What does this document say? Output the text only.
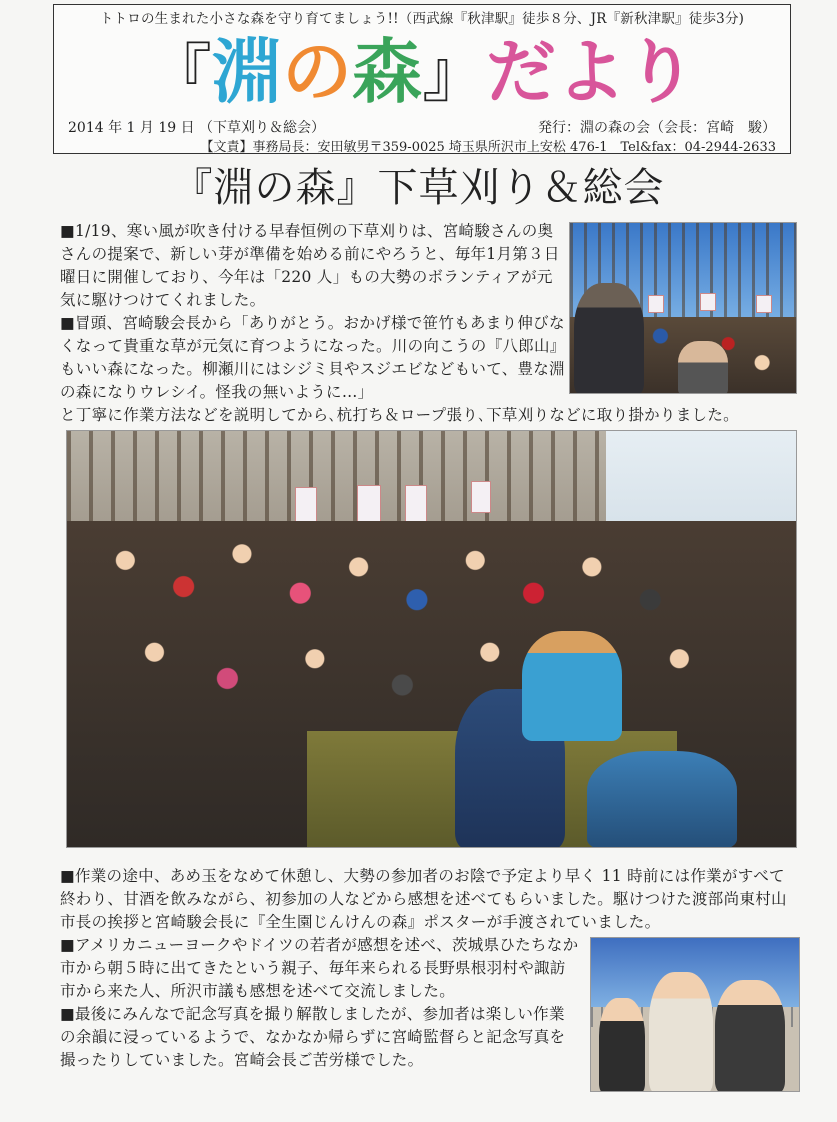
トトロの生まれた小さな森を守り育てましょう!!（西武線『秋津駅』徒歩８分、JR『新秋津駅』徒歩3分)
『淵の森』だより
2014 年 1 月 19 日 （下草刈り＆総会）	発行：淵の森の会（会長：宮崎　駿）
【文責】事務局長：安田敏男〒359-0025 埼玉県所沢市上安松 476-1　Tel&fax：04-2944-2633
『淵の森』下草刈り＆総会
■1/19、寒い風が吹き付ける早春恒例の下草刈りは、宮崎駿さんの奥さんの提案で、新しい芽が準備を始める前にやろうと、毎年1月第３日曜日に開催しており、今年は「220 人」もの大勢のボランティアが元気に駆けつけてくれました。
■冒頭、宮崎駿会長から「ありがとう。おかげ様で笹竹もあまり伸びなくなって貴重な草が元気に育つようになった。川の向こうの『八郎山』もいい森になった。柳瀬川にはシジミ貝やスジエビなどもいて、豊な淵の森になりウレシイ。怪我の無いように…」
と丁寧に作業方法などを説明してから､杭打ち＆ロープ張り､下草刈りなどに取り掛かりました。
■作業の途中、あめ玉をなめて休憩し、大勢の参加者のお陰で予定より早く 11 時前には作業がすべて終わり、甘酒を飲みながら、初参加の人などから感想を述べてもらいました。駆けつけた渡部尚東村山市長の挨拶と宮崎駿会長に『全生園じんけんの森』ポスターが手渡されていました。
■アメリカニューヨークやドイツの若者が感想を述べ、茨城県ひたちなか市から朝５時に出てきたという親子、毎年来られる長野県根羽村や諏訪市から来た人、所沢市議も感想を述べて交流しました。
■最後にみんなで記念写真を撮り解散しましたが、参加者は楽しい作業の余韻に浸っているようで、なかなか帰らずに宮崎監督らと記念写真を撮ったりしていました。宮崎会長ご苦労様でした。
